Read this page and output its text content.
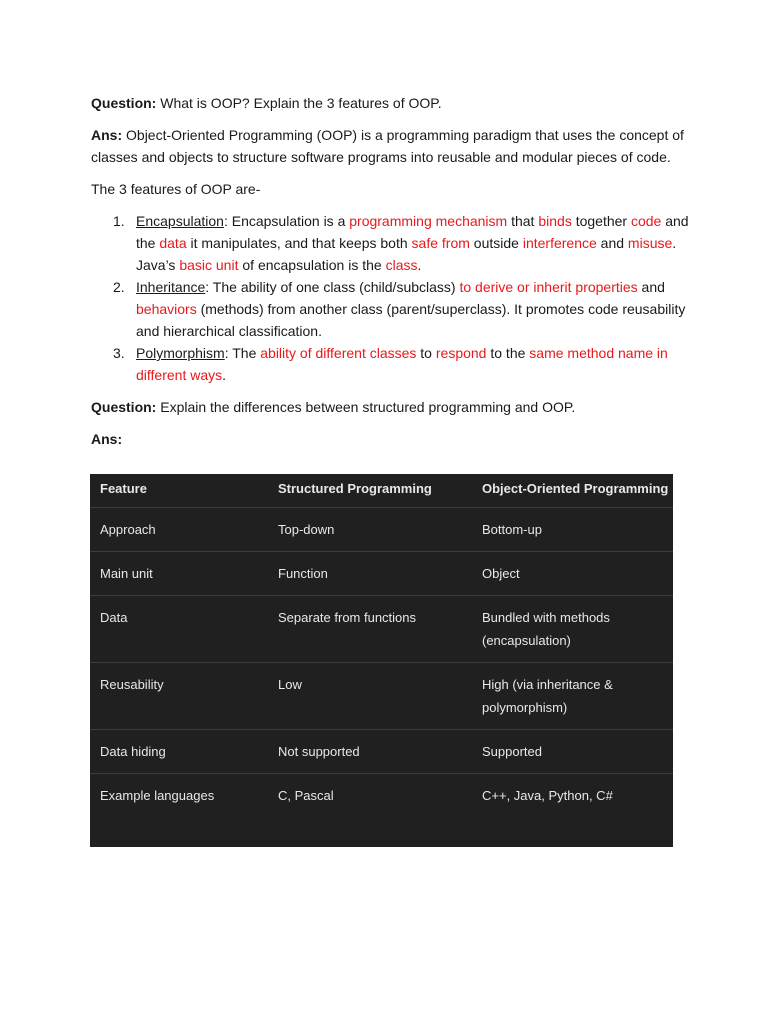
Question: What is OOP? Explain the 3 features of OOP.

Ans: Object-Oriented Programming (OOP) is a programming paradigm that uses the concept of classes and objects to structure software programs into reusable and modular pieces of code.

The 3 features of OOP are-

1. Encapsulation: Encapsulation is a programming mechanism that binds together code and the data it manipulates, and that keeps both safe from outside interference and misuse. Java’s basic unit of encapsulation is the class.
2. Inheritance: The ability of one class (child/subclass) to derive or inherit properties and behaviors (methods) from another class (parent/superclass). It promotes code reusability and hierarchical classification.
3. Polymorphism: The ability of different classes to respond to the same method name in different ways.

Question: Explain the differences between structured programming and OOP.

Ans:

Feature	Structured Programming	Object-Oriented Programming
Approach	Top-down	Bottom-up
Main unit	Function	Object
Data	Separate from functions	Bundled with methods (encapsulation)
Reusability	Low	High (via inheritance & polymorphism)
Data hiding	Not supported	Supported
Example languages	C, Pascal	C++, Java, Python, C#
